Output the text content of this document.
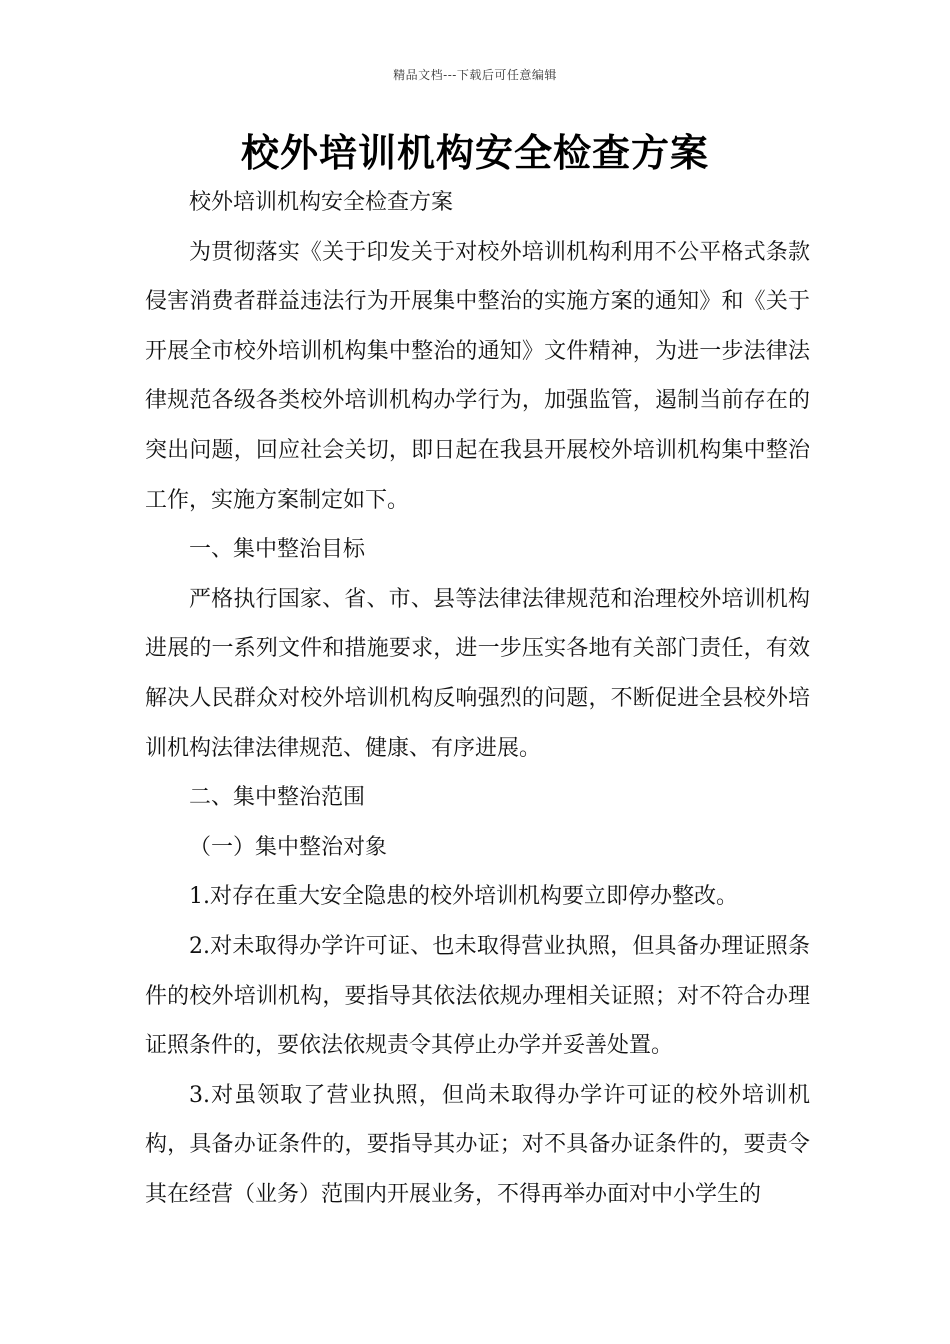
精品文档---下载后可任意编辑
校外培训机构安全检查方案

校外培训机构安全检查方案

为贯彻落实《关于印发关于对校外培训机构利用不公平格式条款侵害消费者群益违法行为开展集中整治的实施方案的通知》和《关于开展全市校外培训机构集中整治的通知》文件精神，为进一步法律法律规范各级各类校外培训机构办学行为，加强监管，遏制当前存在的突出问题，回应社会关切，即日起在我县开展校外培训机构集中整治工作，实施方案制定如下。

一、集中整治目标

严格执行国家、省、市、县等法律法律规范和治理校外培训机构进展的一系列文件和措施要求，进一步压实各地有关部门责任，有效解决人民群众对校外培训机构反响强烈的问题，不断促进全县校外培训机构法律法律规范、健康、有序进展。

二、集中整治范围

（一）集中整治对象

1.对存在重大安全隐患的校外培训机构要立即停办整改。

2.对未取得办学许可证、也未取得营业执照，但具备办理证照条件的校外培训机构，要指导其依法依规办理相关证照；对不符合办理证照条件的，要依法依规责令其停止办学并妥善处置。

3.对虽领取了营业执照，但尚未取得办学许可证的校外培训机构，具备办证条件的，要指导其办证；对不具备办证条件的，要责令其在经营（业务）范围内开展业务，不得再举办面对中小学生的
